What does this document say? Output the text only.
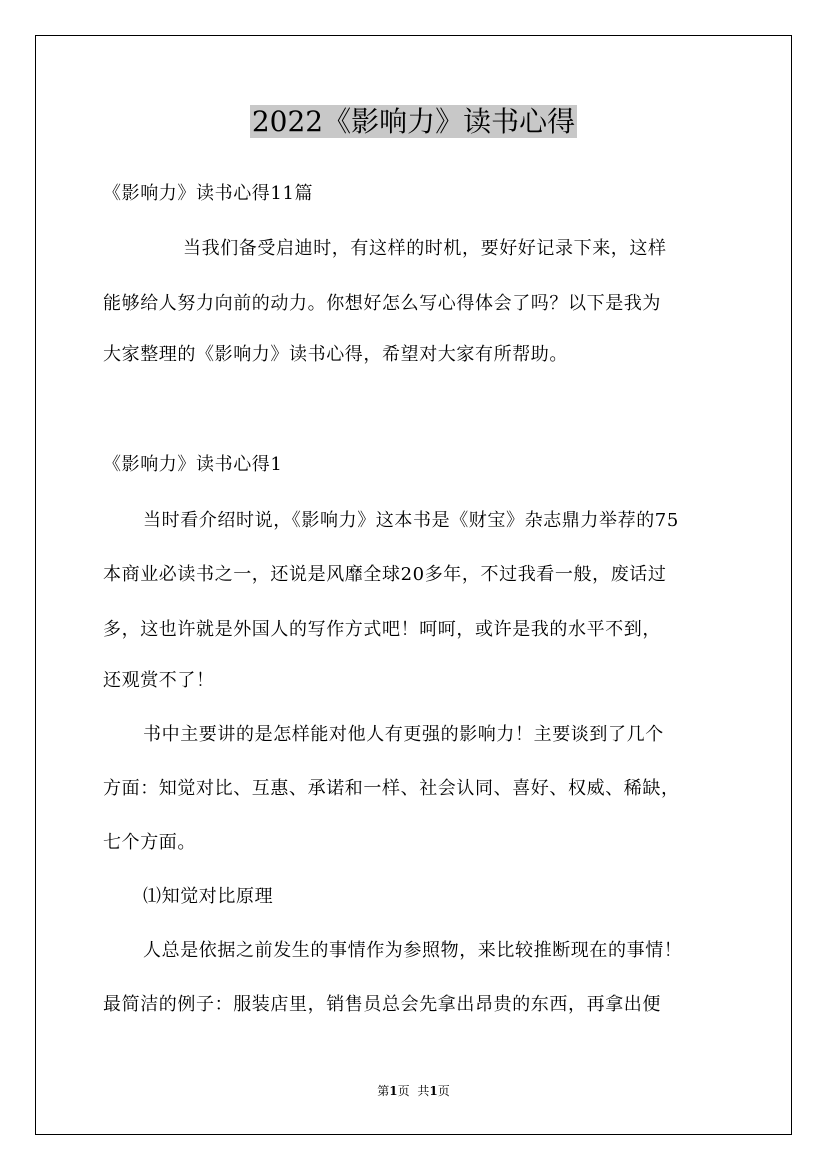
2022《影响力》读书心得
《影响力》读书心得11篇
当我们备受启迪时，有这样的时机，要好好记录下来，这样
能够给人努力向前的动力。你想好怎么写心得体会了吗？以下是我为
大家整理的《影响力》读书心得，希望对大家有所帮助。
《影响力》读书心得1
当时看介绍时说，《影响力》这本书是《财宝》杂志鼎力举荐的75
本商业必读书之一，还说是风靡全球20多年，不过我看一般，废话过
多，这也许就是外国人的写作方式吧！呵呵，或许是我的水平不到，
还观赏不了！
书中主要讲的是怎样能对他人有更强的影响力！主要谈到了几个
方面：知觉对比、互惠、承诺和一样、社会认同、喜好、权威、稀缺，
七个方面。
⑴知觉对比原理
人总是依据之前发生的事情作为参照物，来比较推断现在的事情！
最简洁的例子：服装店里，销售员总会先拿出昂贵的东西，再拿出便
第1页 共1页
